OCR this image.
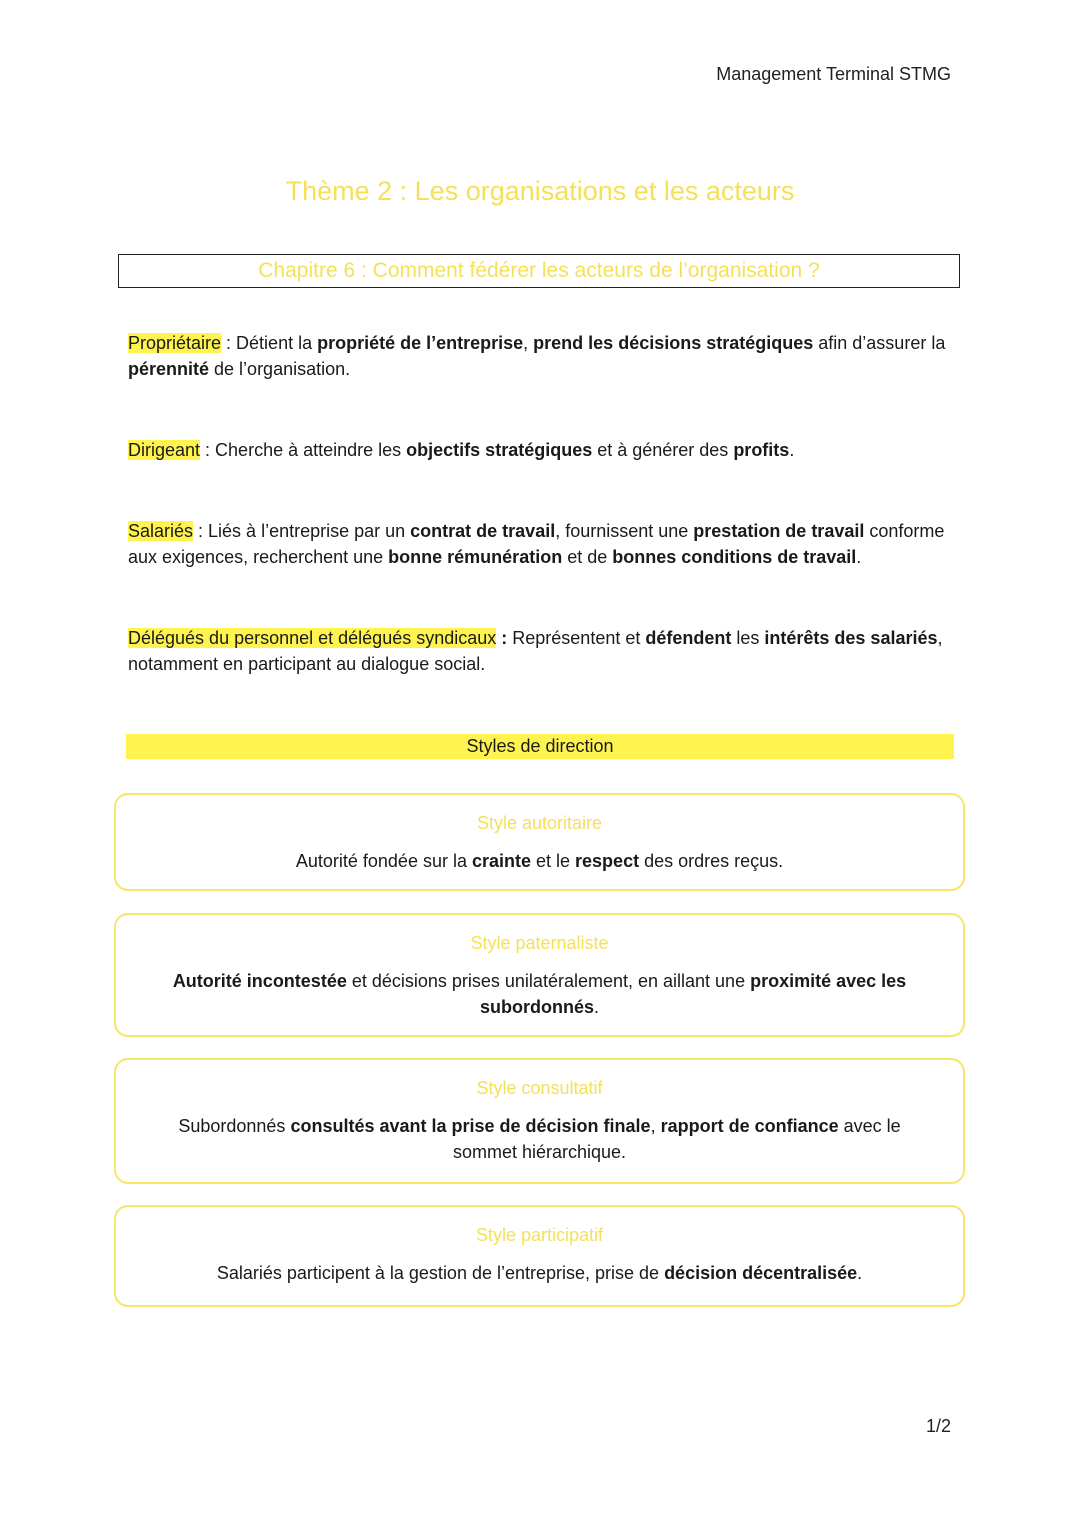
Management Terminal STMG
Thème 2 : Les organisations et les acteurs
Chapitre 6 : Comment fédérer les acteurs de l’organisation ?
Propriétaire : Détient la propriété de l’entreprise, prend les décisions stratégiques afin d’assurer la pérennité de l’organisation.
Dirigeant : Cherche à atteindre les objectifs stratégiques et à générer des profits.
Salariés : Liés à l’entreprise par un contrat de travail, fournissent une prestation de travail conforme aux exigences, recherchent une bonne rémunération et de bonnes conditions de travail.
Délégués du personnel et délégués syndicaux : Représentent et défendent les intérêts des salariés, notamment en participant au dialogue social.
Styles de direction
Style autoritaire
Autorité fondée sur la crainte et le respect des ordres reçus.
Style paternaliste
Autorité incontestée et décisions prises unilatéralement, en aillant une proximité avec les subordonnés.
Style consultatif
Subordonnés consultés avant la prise de décision finale, rapport de confiance avec le sommet hiérarchique.
Style participatif
Salariés participent à la gestion de l’entreprise, prise de décision décentralisée.
1/2
